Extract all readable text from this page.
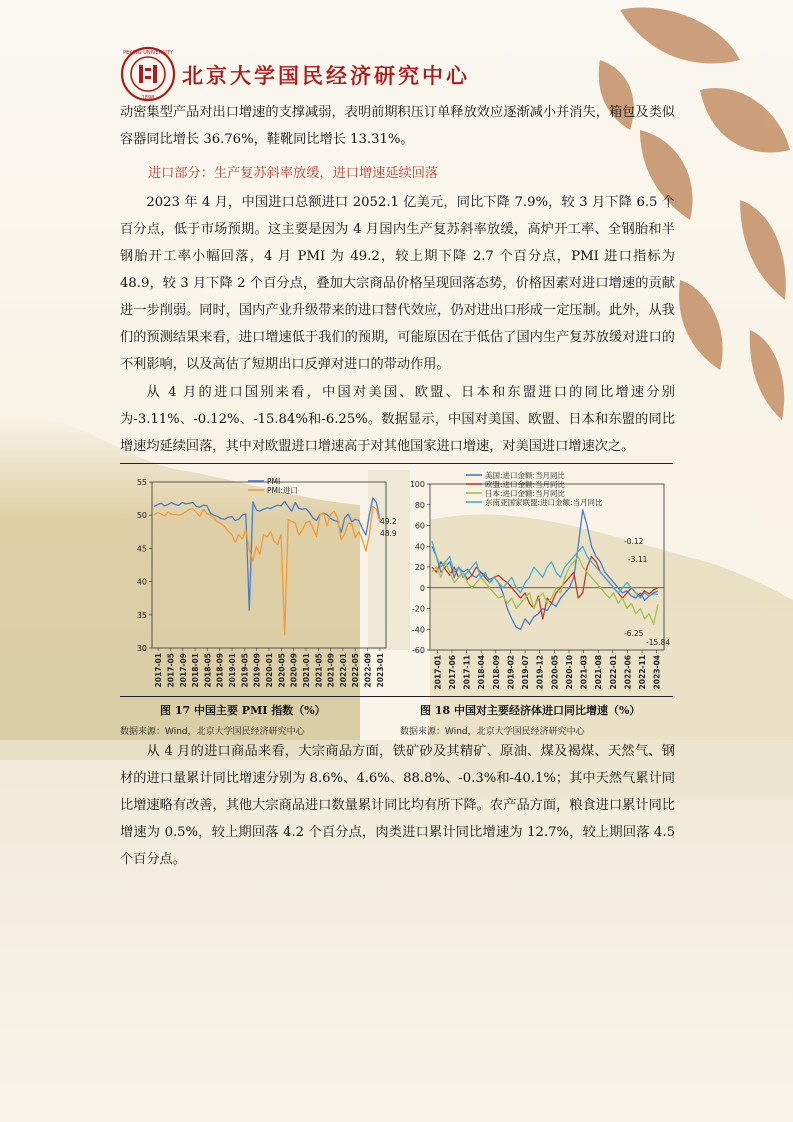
PEKING UNIVERSITY
1898
北京大学国民经济研究中心

动密集型产品对出口增速的支撑减弱，表明前期积压订单释放效应逐渐减小并消失，箱包及类似容器同比增长 36.76%，鞋靴同比增长 13.31%。

进口部分：生产复苏斜率放缓，进口增速延续回落

2023 年 4 月，中国进口总额进口 2052.1 亿美元，同比下降 7.9%，较 3 月下降 6.5 个百分点，低于市场预期。这主要是因为 4 月国内生产复苏斜率放缓，高炉开工率、全钢胎和半钢胎开工率小幅回落，4 月 PMI 为 49.2，较上期下降 2.7 个百分点，PMI 进口指标为 48.9，较 3 月下降 2 个百分点，叠加大宗商品价格呈现回落态势，价格因素对进口增速的贡献进一步削弱。同时，国内产业升级带来的进口替代效应，仍对进出口形成一定压制。此外，从我们的预测结果来看，进口增速低于我们的预期，可能原因在于低估了国内生产复苏放缓对进口的不利影响，以及高估了短期出口反弹对进口的带动作用。

从 4 月的进口国别来看，中国对美国、欧盟、日本和东盟进口的同比增速分别为-3.11%、-0.12%、-15.84%和-6.25%。数据显示，中国对美国、欧盟、日本和东盟的同比增速均延续回落，其中对欧盟进口增速高于对其他国家进口增速，对美国进口增速次之。

30
35
40
45
50
55
2017-01 2017-05 2017-09 2018-01 2018-05 2018-09 2019-01 2019-05 2019-09 2020-01 2020-05 2020-09 2021-01 2021-05 2021-09 2022-01 2022-05 2022-09 2023-01
49.2
48.9
PMI
PMI:进口
-60
-40
-20
0
20
40
60
80
100
2017-01 2017-06 2017-11 2018-04 2018-09 2019-02 2019-07 2019-12 2020-05 2020-10 2021-03 2021-08 2022-01 2022-06 2022-11 2023-04
-3.11
-0.12
-15.84
-6.25
美国:进口金额:当月同比
欧盟:进口金额:当月同比
日本:进口金额:当月同比
东南亚国家联盟:进口金额:当月同比
图 17 中国主要 PMI 指数（%）	图 18 中国对主要经济体进口同比增速（%）
数据来源：Wind，北京大学国民经济研究中心	数据来源：Wind，北京大学国民经济研究中心

从 4 月的进口商品来看，大宗商品方面，铁矿砂及其精矿、原油、煤及褐煤、天然气、钢材的进口量累计同比增速分别为 8.6%、4.6%、88.8%、-0.3%和-40.1%；其中天然气累计同比增速略有改善，其他大宗商品进口数量累计同比均有所下降。农产品方面，粮食进口累计同比增速为 0.5%，较上期回落 4.2 个百分点，肉类进口累计同比增速为 12.7%，较上期回落 4.5 个百分点。
